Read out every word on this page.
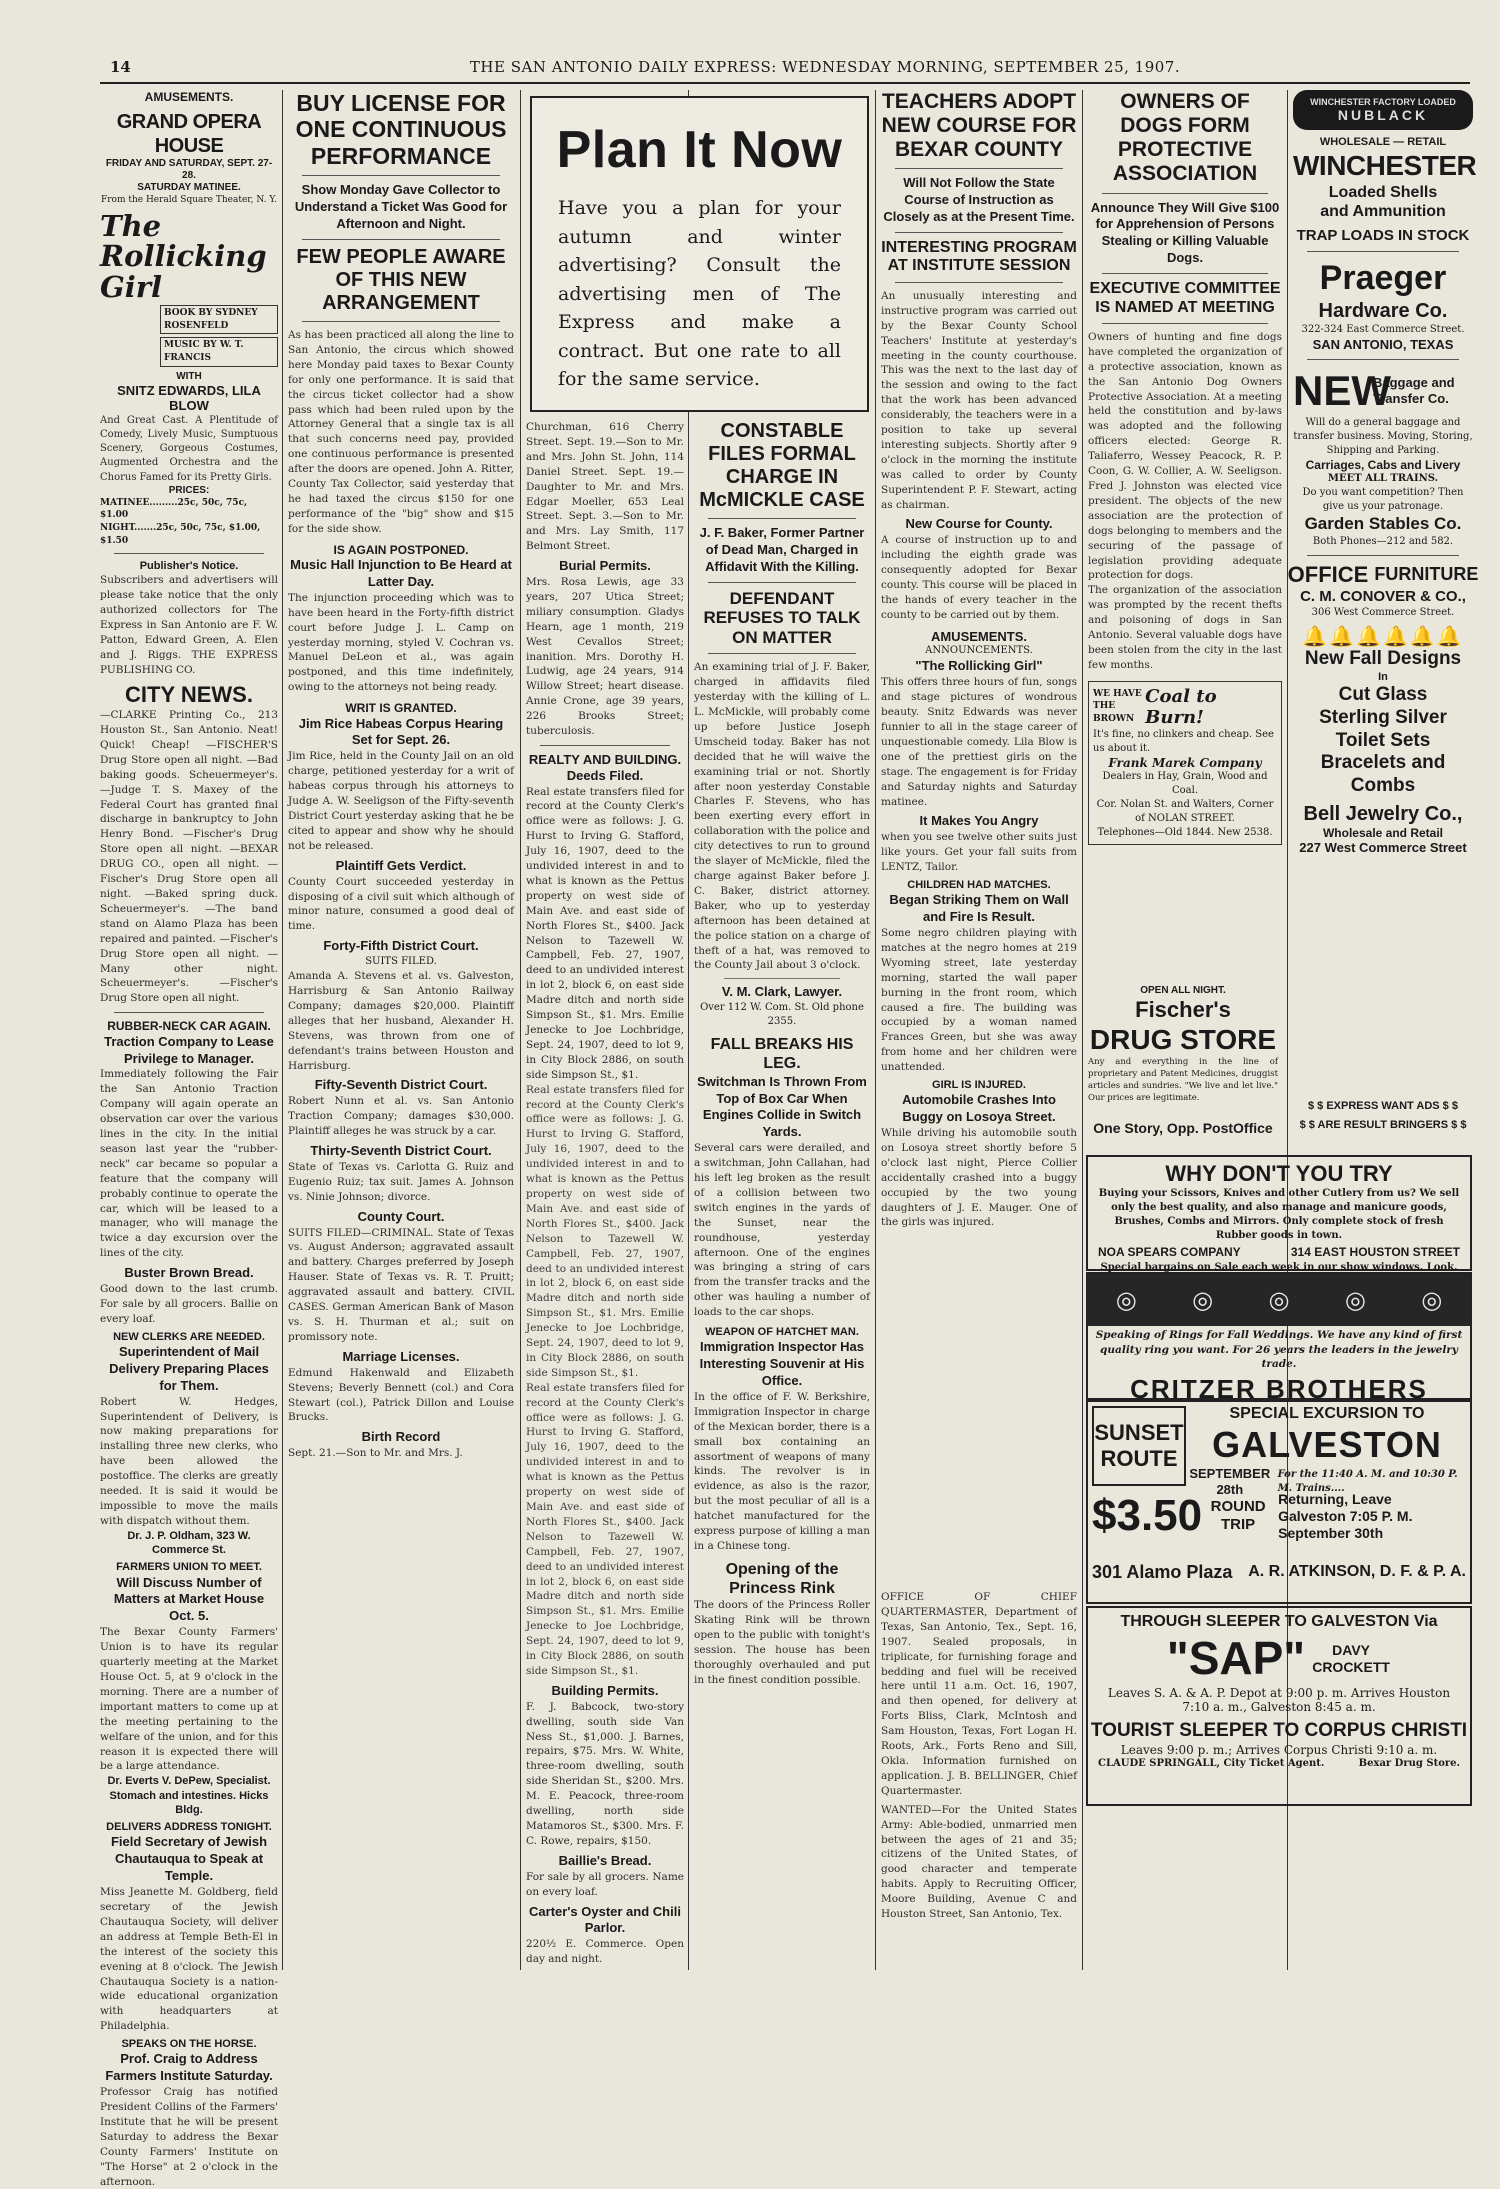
14	THE SAN ANTONIO DAILY EXPRESS: WEDNESDAY MORNING, SEPTEMBER 25, 1907.
AMUSEMENTS.
GRAND OPERA HOUSE
FRIDAY AND SATURDAY, SEPT. 27-28.
SATURDAY MATINEE.
From the Herald Square Theater, N. Y.
The Rollicking Girl
BOOK BY SYDNEY ROSENFELD
MUSIC BY W. T. FRANCIS
WITH
SNITZ EDWARDS, LILA BLOW
And Great Cast. A Plentitude of Comedy, Lively Music, Sumptuous Scenery, Gorgeous Costumes, Augmented Orchestra and the Chorus Famed for its Pretty Girls.
PRICES:
MATINEE.........25c, 50c, 75c, $1.00
NIGHT.......25c, 50c, 75c, $1.00, $1.50
Publisher's Notice.
Subscribers and advertisers will please take notice that the only authorized collectors for The Express in San Antonio are F. W. Patton, Edward Green, A. Elen and J. Riggs. THE EXPRESS PUBLISHING CO.
CITY NEWS.
—CLARKE Printing Co., 213 Houston St., San Antonio. Neat! Quick! Cheap! —FISCHER'S Drug Store open all night. —Bad baking goods. Scheuermeyer's. —Judge T. S. Maxey of the Federal Court has granted final discharge in bankruptcy to John Henry Bond. —Fischer's Drug Store open all night. —BEXAR DRUG CO., open all night. —Fischer's Drug Store open all night. —Baked spring duck. Scheuermeyer's. —The band stand on Alamo Plaza has been repaired and painted. —Fischer's Drug Store open all night. —Many other night. Scheuermeyer's. —Fischer's Drug Store open all night.
RUBBER-NECK CAR AGAIN.
Traction Company to Lease Privilege to Manager.
Immediately following the Fair the San Antonio Traction Company will again operate an observation car over the various lines in the city. In the initial season last year the "rubber-neck" car became so popular a feature that the company will probably continue to operate the car, which will be leased to a manager, who will manage the twice a day excursion over the lines of the city.
Buster Brown Bread.
Good down to the last crumb. For sale by all grocers. Ballie on every loaf.
NEW CLERKS ARE NEEDED.
Superintendent of Mail Delivery Preparing Places for Them.
Robert W. Hedges, Superintendent of Delivery, is now making preparations for installing three new clerks, who have been allowed the postoffice. The clerks are greatly needed. It is said it would be impossible to move the mails with dispatch without them.
Dr. J. P. Oldham, 323 W. Commerce St.
FARMERS UNION TO MEET.
Will Discuss Number of Matters at Market House Oct. 5.
The Bexar County Farmers' Union is to have its regular quarterly meeting at the Market House Oct. 5, at 9 o'clock in the morning. There are a number of important matters to come up at the meeting pertaining to the welfare of the union, and for this reason it is expected there will be a large attendance.
Dr. Everts V. DePew, Specialist. Stomach and intestines. Hicks Bldg.
DELIVERS ADDRESS TONIGHT.
Field Secretary of Jewish Chautauqua to Speak at Temple.
Miss Jeanette M. Goldberg, field secretary of the Jewish Chautauqua Society, will deliver an address at Temple Beth-El in the interest of the society this evening at 8 o'clock. The Jewish Chautauqua Society is a nation-wide educational organization with headquarters at Philadelphia.
SPEAKS ON THE HORSE.
Prof. Craig to Address Farmers Institute Saturday.
Professor Craig has notified President Collins of the Farmers' Institute that he will be present Saturday to address the Bexar County Farmers' Institute on "The Horse" at 2 o'clock in the afternoon.
BUY LICENSE FOR ONE CONTINUOUS PERFORMANCE
Show Monday Gave Collector to Understand a Ticket Was Good for Afternoon and Night.
FEW PEOPLE AWARE OF THIS NEW ARRANGEMENT
As has been practiced all along the line to San Antonio, the circus which showed here Monday paid taxes to Bexar County for only one performance. It is said that the circus ticket collector had a show pass which had been ruled upon by the Attorney General that a single tax is all that such concerns need pay, provided one continuous performance is presented after the doors are opened. John A. Ritter, County Tax Collector, said yesterday that he had taxed the circus $150 for one performance of the "big" show and $15 for the side show.
IS AGAIN POSTPONED.
Music Hall Injunction to Be Heard at Latter Day.
The injunction proceeding which was to have been heard in the Forty-fifth district court before Judge J. L. Camp on yesterday morning, styled V. Cochran vs. Manuel DeLeon et al., was again postponed, and this time indefinitely, owing to the attorneys not being ready.
WRIT IS GRANTED.
Jim Rice Habeas Corpus Hearing Set for Sept. 26.
Jim Rice, held in the County Jail on an old charge, petitioned yesterday for a writ of habeas corpus through his attorneys to Judge A. W. Seeligson of the Fifty-seventh District Court yesterday asking that he be cited to appear and show why he should not be released.
Plaintiff Gets Verdict.
County Court succeeded yesterday in disposing of a civil suit which although of minor nature, consumed a good deal of time.
Forty-Fifth District Court.
SUITS FILED.
Amanda A. Stevens et al. vs. Galveston, Harrisburg & San Antonio Railway Company; damages $20,000. Plaintiff alleges that her husband, Alexander H. Stevens, was thrown from one of defendant's trains between Houston and Harrisburg.
Fifty-Seventh District Court.
Robert Nunn et al. vs. San Antonio Traction Company; damages $30,000. Plaintiff alleges he was struck by a car.
Thirty-Seventh District Court.
State of Texas vs. Carlotta G. Ruiz and Eugenio Ruiz; tax suit. James A. Johnson vs. Ninie Johnson; divorce.
County Court.
SUITS FILED—CRIMINAL. State of Texas vs. August Anderson; aggravated assault and battery. Charges preferred by Joseph Hauser. State of Texas vs. R. T. Pruitt; aggravated assault and battery. CIVIL CASES. German American Bank of Mason vs. S. H. Thurman et al.; suit on promissory note.
Marriage Licenses.
Edmund Hakenwald and Elizabeth Stevens; Beverly Bennett (col.) and Cora Stewart (col.), Patrick Dillon and Louise Brucks.
Birth Record
Sept. 21.—Son to Mr. and Mrs. J.
Plan It Now
Have you a plan for your autumn and winter advertising? Consult the advertising men of The Express and make a contract. But one rate to all for the same service.
Churchman, 616 Cherry Street. Sept. 19.—Son to Mr. and Mrs. John St. John, 114 Daniel Street. Sept. 19.—Daughter to Mr. and Mrs. Edgar Moeller, 653 Leal Street. Sept. 3.—Son to Mr. and Mrs. Lay Smith, 117 Belmont Street.
Burial Permits.
Mrs. Rosa Lewis, age 33 years, 207 Utica Street; miliary consumption. Gladys Hearn, age 1 month, 219 West Cevallos Street; inanition. Mrs. Dorothy H. Ludwig, age 24 years, 914 Willow Street; heart disease. Annie Crone, age 39 years, 226 Brooks Street; tuberculosis.
REALTY AND BUILDING.
Deeds Filed.
Real estate transfers filed for record at the County Clerk's office were as follows: J. G. Hurst to Irving G. Stafford, July 16, 1907, deed to the undivided interest in and to what is known as the Pettus property on west side of Main Ave. and east side of North Flores St., $400. Jack Nelson to Tazewell W. Campbell, Feb. 27, 1907, deed to an undivided interest in lot 2, block 6, on east side Madre ditch and north side Simpson St., $1. Mrs. Emilie Jenecke to Joe Lochbridge, Sept. 24, 1907, deed to lot 9, in City Block 2886, on south side Simpson St., $1.
Real estate transfers filed for record at the County Clerk's office were as follows: J. G. Hurst to Irving G. Stafford, July 16, 1907, deed to the undivided interest in and to what is known as the Pettus property on west side of Main Ave. and east side of North Flores St., $400. Jack Nelson to Tazewell W. Campbell, Feb. 27, 1907, deed to an undivided interest in lot 2, block 6, on east side Madre ditch and north side Simpson St., $1. Mrs. Emilie Jenecke to Joe Lochbridge, Sept. 24, 1907, deed to lot 9, in City Block 2886, on south side Simpson St., $1.
Real estate transfers filed for record at the County Clerk's office were as follows: J. G. Hurst to Irving G. Stafford, July 16, 1907, deed to the undivided interest in and to what is known as the Pettus property on west side of Main Ave. and east side of North Flores St., $400. Jack Nelson to Tazewell W. Campbell, Feb. 27, 1907, deed to an undivided interest in lot 2, block 6, on east side Madre ditch and north side Simpson St., $1. Mrs. Emilie Jenecke to Joe Lochbridge, Sept. 24, 1907, deed to lot 9, in City Block 2886, on south side Simpson St., $1.
Building Permits.
F. J. Babcock, two-story dwelling, south side Van Ness St., $1,000. J. Barnes, repairs, $75. Mrs. W. White, three-room dwelling, south side Sheridan St., $200. Mrs. M. E. Peacock, three-room dwelling, north side Matamoros St., $300. Mrs. F. C. Rowe, repairs, $150.
Baillie's Bread.
For sale by all grocers. Name on every loaf.
Carter's Oyster and Chili Parlor.
220½ E. Commerce. Open day and night.
CONSTABLE FILES FORMAL CHARGE IN McMICKLE CASE
J. F. Baker, Former Partner of Dead Man, Charged in Affidavit With the Killing.
DEFENDANT REFUSES TO TALK ON MATTER
An examining trial of J. F. Baker, charged in affidavits filed yesterday with the killing of L. L. McMickle, will probably come up before Justice Joseph Umscheid today. Baker has not decided that he will waive the examining trial or not. Shortly after noon yesterday Constable Charles F. Stevens, who has been exerting every effort in collaboration with the police and city detectives to run to ground the slayer of McMickle, filed the charge against Baker before J. C. Baker, district attorney. Baker, who up to yesterday afternoon has been detained at the police station on a charge of theft of a hat, was removed to the County Jail about 3 o'clock.
V. M. Clark, Lawyer.
Over 112 W. Com. St. Old phone 2355.
FALL BREAKS HIS LEG.
Switchman Is Thrown From Top of Box Car When Engines Collide in Switch Yards.
Several cars were derailed, and a switchman, John Callahan, had his left leg broken as the result of a collision between two switch engines in the yards of the Sunset, near the roundhouse, yesterday afternoon. One of the engines was bringing a string of cars from the transfer tracks and the other was hauling a number of loads to the car shops.
WEAPON OF HATCHET MAN.
Immigration Inspector Has Interesting Souvenir at His Office.
In the office of F. W. Berkshire, Immigration Inspector in charge of the Mexican border, there is a small box containing an assortment of weapons of many kinds. The revolver is in evidence, as also is the razor, but the most peculiar of all is a hatchet manufactured for the express purpose of killing a man in a Chinese tong.
Opening of the Princess Rink
The doors of the Princess Roller Skating Rink will be thrown open to the public with tonight's session. The house has been thoroughly overhauled and put in the finest condition possible.
TEACHERS ADOPT NEW COURSE FOR BEXAR COUNTY
Will Not Follow the State Course of Instruction as Closely as at the Present Time.
INTERESTING PROGRAM AT INSTITUTE SESSION
An unusually interesting and instructive program was carried out by the Bexar County School Teachers' Institute at yesterday's meeting in the county courthouse. This was the next to the last day of the session and owing to the fact that the work has been advanced considerably, the teachers were in a position to take up several interesting subjects. Shortly after 9 o'clock in the morning the institute was called to order by County Superintendent P. F. Stewart, acting as chairman.
New Course for County.
A course of instruction up to and including the eighth grade was consequently adopted for Bexar county. This course will be placed in the hands of every teacher in the county to be carried out by them.
AMUSEMENTS.
ANNOUNCEMENTS.
"The Rollicking Girl"
This offers three hours of fun, songs and stage pictures of wondrous beauty. Snitz Edwards was never funnier to all in the stage career of unquestionable comedy. Lila Blow is one of the prettiest girls on the stage. The engagement is for Friday and Saturday nights and Saturday matinee.
It Makes You Angry
when you see twelve other suits just like yours. Get your fall suits from LENTZ, Tailor.
CHILDREN HAD MATCHES.
Began Striking Them on Wall and Fire Is Result.
Some negro children playing with matches at the negro homes at 219 Wyoming street, late yesterday morning, started the wall paper burning in the front room, which caused a fire. The building was occupied by a woman named Frances Green, but she was away from home and her children were unattended.
GIRL IS INJURED.
Automobile Crashes Into Buggy on Losoya Street.
While driving his automobile south on Losoya street shortly before 5 o'clock last night, Pierce Collier accidentally crashed into a buggy occupied by the two young daughters of J. E. Mauger. One of the girls was injured.
OWNERS OF DOGS FORM PROTECTIVE ASSOCIATION
Announce They Will Give $100 for Apprehension of Persons Stealing or Killing Valuable Dogs.
EXECUTIVE COMMITTEE IS NAMED AT MEETING
Owners of hunting and fine dogs have completed the organization of a protective association, known as the San Antonio Dog Owners Protective Association. At a meeting held the constitution and by-laws was adopted and the following officers elected: George R. Taliaferro, Wessey Peacock, R. P. Coon, G. W. Collier, A. W. Seeligson. Fred J. Johnston was elected vice president. The objects of the new association are the protection of dogs belonging to members and the securing of the passage of legislation providing adequate protection for dogs.
The organization of the association was prompted by the recent thefts and poisoning of dogs in San Antonio. Several valuable dogs have been stolen from the city in the last few months.
WE HAVE THE BROWN
Coal to Burn!
It's fine, no clinkers and cheap. See us about it.
Frank Marek Company
Dealers in Hay, Grain, Wood and Coal.
Cor. Nolan St. and Walters, Corner of NOLAN STREET.
Telephones—Old 1844. New 2538.
WINCHESTER FACTORY LOADED
NUBLACK
WHOLESALE — RETAIL
WINCHESTER
Loaded Shells
and Ammunition
TRAP LOADS IN STOCK
Praeger
Hardware Co.
322-324 East Commerce Street.
SAN ANTONIO, TEXAS
NEW
Baggage and Transfer Co.
Will do a general baggage and transfer business. Moving, Storing, Shipping and Parking.
Carriages, Cabs and Livery
MEET ALL TRAINS.
Do you want competition? Then give us your patronage.
Garden Stables Co.
Both Phones—212 and 582.
OFFICE FURNITURE
C. M. CONOVER & CO.,
306 West Commerce Street.
🔔🔔🔔🔔🔔🔔
New Fall Designs
In
Cut Glass
Sterling Silver
Toilet Sets
Bracelets and
Combs
Bell Jewelry Co.,
Wholesale and Retail
227 West Commerce Street
OPEN ALL NIGHT.
Fischer's
DRUG STORE
Any and everything in the line of proprietary and Patent Medicines, druggist articles and sundries. "We live and let live." Our prices are legitimate.
One Story, Opp. PostOffice
$ $ EXPRESS WANT ADS $ $
$ $ ARE RESULT BRINGERS $ $
WHY DON'T YOU TRY
Buying your Scissors, Knives and other Cutlery from us? We sell only the best quality, and also manage and manicure goods, Brushes, Combs and Mirrors. Only complete stock of fresh Rubber goods in town.
NOA SPEARS COMPANY	314 EAST HOUSTON STREET
Special bargains on Sale each week in our show windows. Look.
◎ ◎ ◎ ◎ ◎
Speaking of Rings for Fall Weddings. We have any kind of first quality ring you want. For 26 years the leaders in the jewelry trade.
CRITZER BROTHERS
SUNSET
ROUTE
SPECIAL EXCURSION TO
GALVESTON
SEPTEMBER 28th
For the 11:40 A. M. and 10:30 P. M. Trains....
$3.50 ROUND TRIP
Returning, Leave Galveston 7:05 P. M. September 30th
301 Alamo Plaza A. R. ATKINSON, D. F. & P. A.
THROUGH SLEEPER TO GALVESTON Via
"SAP"	DAVY CROCKETT
Leaves S. A. & A. P. Depot at 9:00 p. m. Arrives Houston 7:10 a. m., Galveston 8:45 a. m.
TOURIST SLEEPER TO CORPUS CHRISTI
Leaves 9:00 p. m.; Arrives Corpus Christi 9:10 a. m.
CLAUDE SPRINGALL, City Ticket Agent.	Bexar Drug Store.
OFFICE OF CHIEF QUARTERMASTER, Department of Texas, San Antonio, Tex., Sept. 16, 1907. Sealed proposals, in triplicate, for furnishing forage and bedding and fuel will be received here until 11 a.m. Oct. 16, 1907, and then opened, for delivery at Forts Bliss, Clark, McIntosh and Sam Houston, Texas, Fort Logan H. Roots, Ark., Forts Reno and Sill, Okla. Information furnished on application. J. B. BELLINGER, Chief Quartermaster.
WANTED—For the United States Army: Able-bodied, unmarried men between the ages of 21 and 35; citizens of the United States, of good character and temperate habits. Apply to Recruiting Officer, Moore Building, Avenue C and Houston Street, San Antonio, Tex.
